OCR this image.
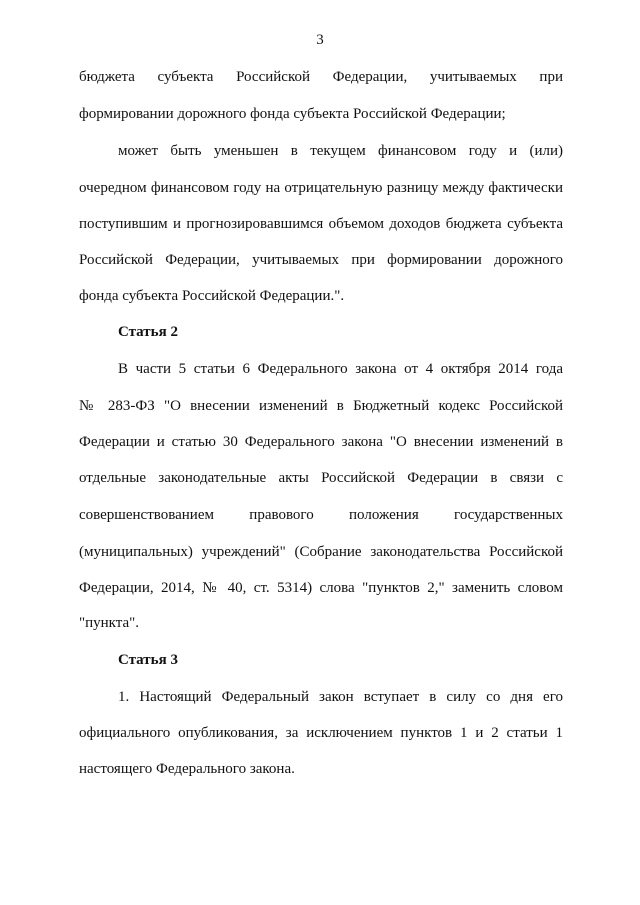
3
бюджета субъекта Российской Федерации, учитываемых при
формировании дорожного фонда субъекта Российской Федерации;
может быть уменьшен в текущем финансовом году и (или)
очередном финансовом году на отрицательную разницу между фактически
поступившим и прогнозировавшимся объемом доходов бюджета субъекта
Российской Федерации, учитываемых при формировании дорожного
фонда субъекта Российской Федерации.".
Статья 2
В части 5 статьи 6 Федерального закона от 4 октября 2014 года
№ 283-ФЗ "О внесении изменений в Бюджетный кодекс Российской
Федерации и статью 30 Федерального закона "О внесении изменений в
отдельные законодательные акты Российской Федерации в связи с
совершенствованием правового положения государственных
(муниципальных) учреждений" (Собрание законодательства Российской
Федерации, 2014, № 40, ст. 5314) слова "пунктов 2," заменить словом
"пункта".
Статья 3
1. Настоящий Федеральный закон вступает в силу со дня его
официального опубликования, за исключением пунктов 1 и 2 статьи 1
настоящего Федерального закона.
